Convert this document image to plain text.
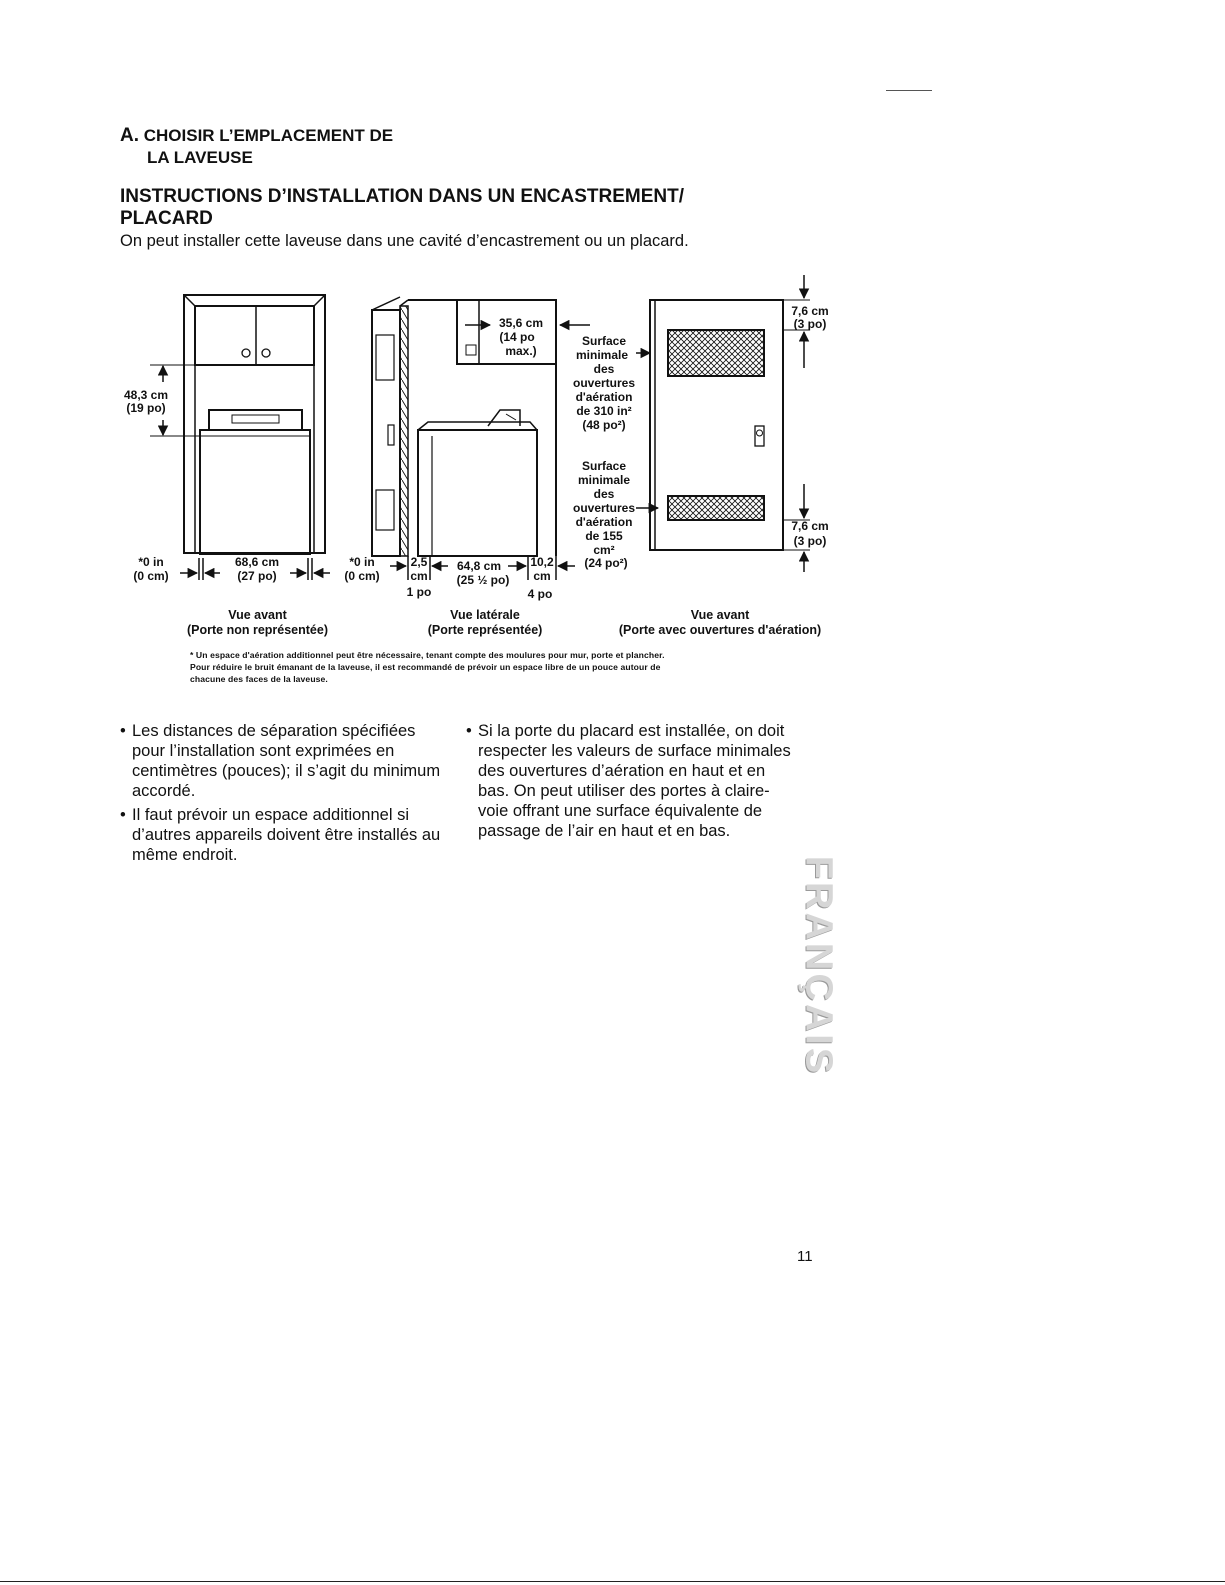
A. CHOISIR L’EMPLACEMENT DE
LA LAVEUSE
INSTRUCTIONS D’INSTALLATION DANS UN ENCASTREMENT/
PLACARD
On peut installer cette laveuse dans une cavité d’encastrement ou un placard.
48,3 cm
(19 po)
*0 in
(0 cm)
68,6 cm
(27 po)
*0 in
(0 cm)
35,6 cm
(14 po
max.)
2,5
cm
1 po
64,8 cm
(25 ½ po)
10,2
cm
4 po
Surface
minimale
des
ouvertures
d'aération
de 310 in²
(48 po²)
Surface
minimale
des
ouvertures
d'aération
de 155
cm²
(24 po²)
7,6 cm
(3 po)
7,6 cm
(3 po)
Vue avant
(Porte non représentée)
Vue latérale
(Porte représentée)
Vue avant
(Porte avec ouvertures d'aération)
* Un espace d'aération additionnel peut être nécessaire, tenant compte des moulures pour mur, porte et plancher.
Pour réduire le bruit émanant de la laveuse, il est recommandé de prévoir un espace libre de un pouce autour de
chacune des faces de la laveuse.
• Les distances de séparation spécifiées pour l’installation sont exprimées en centimètres (pouces); il s’agit du minimum accordé.
• Il faut prévoir un espace additionnel si d’autres appareils doivent être installés au même endroit.
• Si la porte du placard est installée, on doit respecter les valeurs de surface minimales des ouvertures d’aération en haut et en bas. On peut utiliser des portes à claire-voie offrant une surface équivalente de passage de l’air en haut et en bas.
FRANÇAIS
11
